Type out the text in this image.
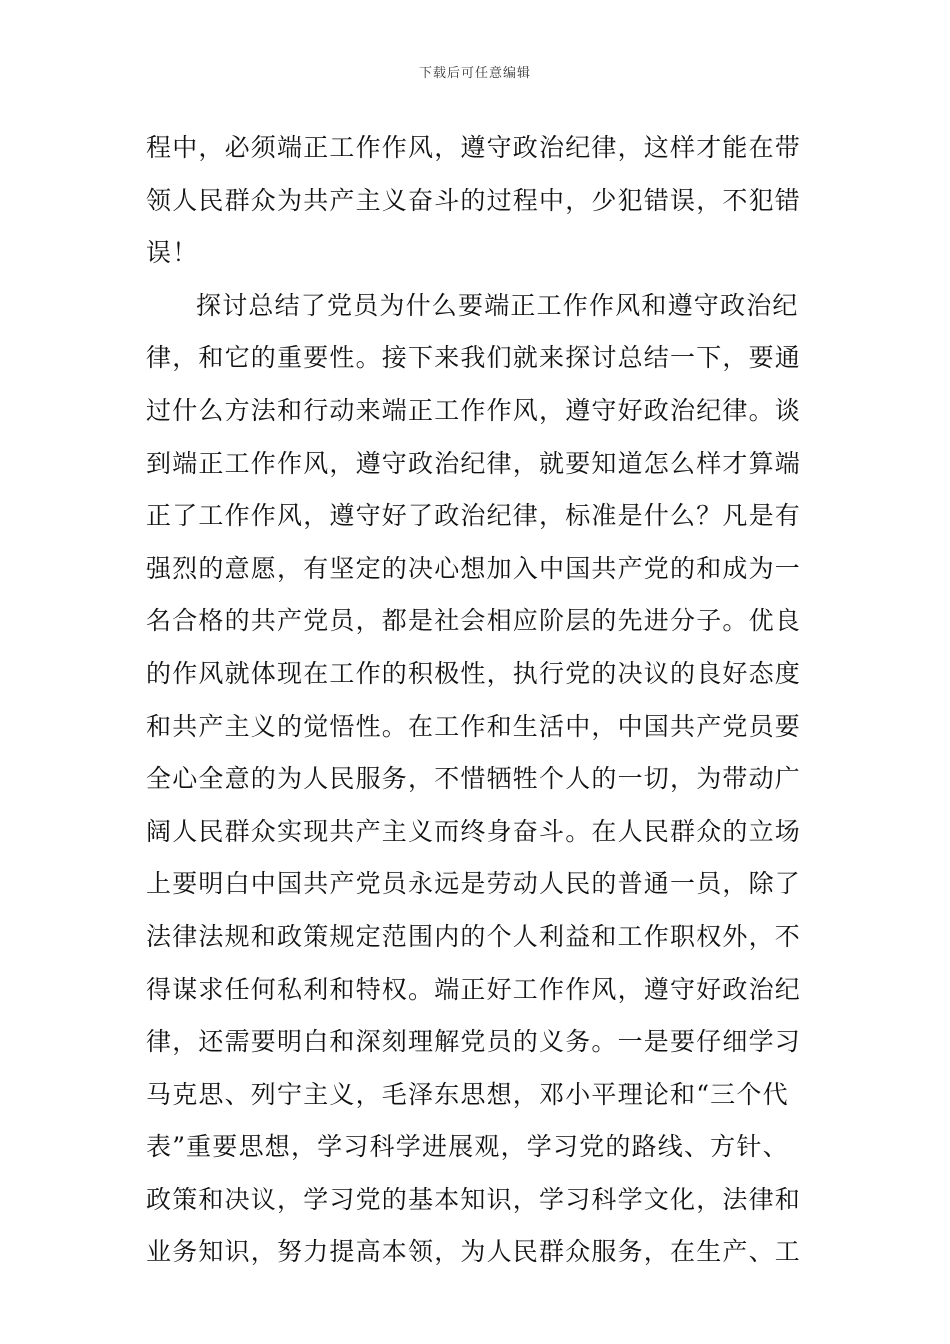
下载后可任意编辑
程中，必须端正工作作风，遵守政治纪律，这样才能在带
领人民群众为共产主义奋斗的过程中，少犯错误，不犯错
误！
探讨总结了党员为什么要端正工作作风和遵守政治纪
律，和它的重要性。接下来我们就来探讨总结一下，要通
过什么方法和行动来端正工作作风，遵守好政治纪律。谈
到端正工作作风，遵守政治纪律，就要知道怎么样才算端
正了工作作风，遵守好了政治纪律，标准是什么？凡是有
强烈的意愿，有坚定的决心想加入中国共产党的和成为一
名合格的共产党员，都是社会相应阶层的先进分子。优良
的作风就体现在工作的积极性，执行党的决议的良好态度
和共产主义的觉悟性。在工作和生活中，中国共产党员要
全心全意的为人民服务，不惜牺牲个人的一切，为带动广
阔人民群众实现共产主义而终身奋斗。在人民群众的立场
上要明白中国共产党员永远是劳动人民的普通一员，除了
法律法规和政策规定范围内的个人利益和工作职权外，不
得谋求任何私利和特权。端正好工作作风，遵守好政治纪
律，还需要明白和深刻理解党员的义务。一是要仔细学习
马克思、列宁主义，毛泽东思想，邓小平理论和“三个代
表”重要思想，学习科学进展观，学习党的路线、方针、
政策和决议，学习党的基本知识，学习科学文化，法律和
业务知识，努力提高本领，为人民群众服务，在生产、工
